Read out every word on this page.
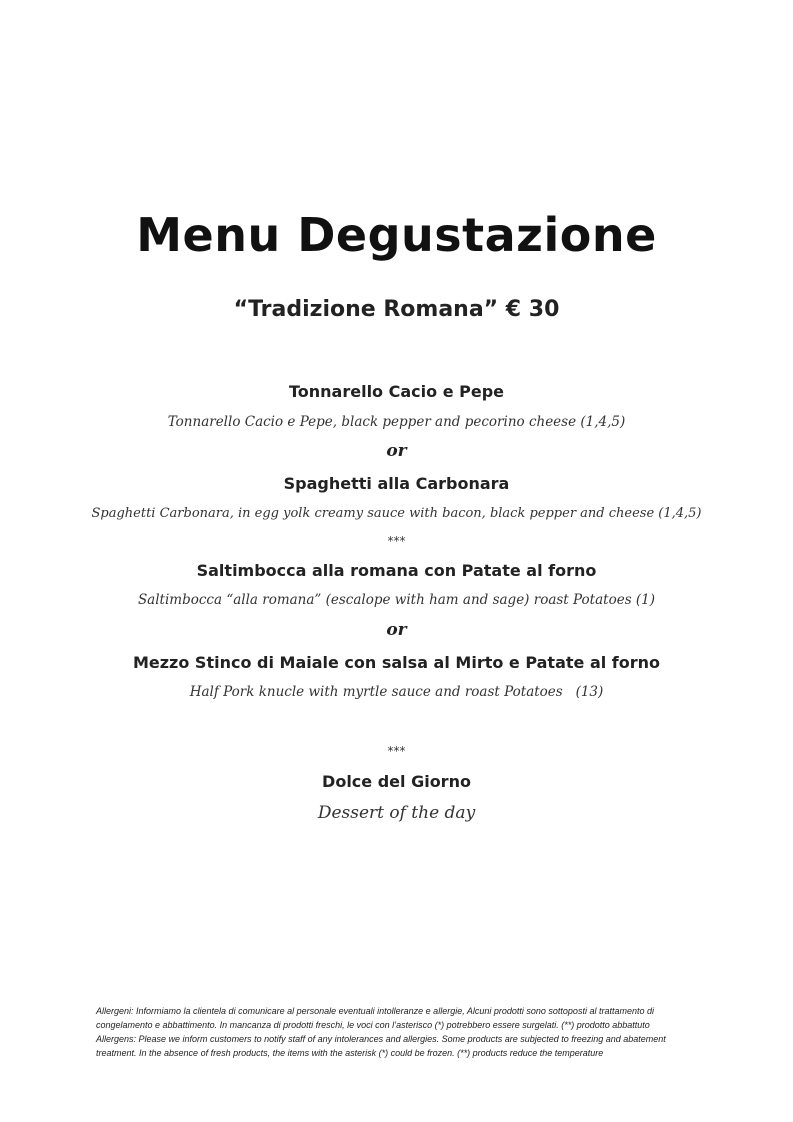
Menu Degustazione
“Tradizione Romana” € 30
Tonnarello Cacio e Pepe
Tonnarello Cacio e Pepe, black pepper and pecorino cheese (1,4,5)
or
Spaghetti alla Carbonara
Spaghetti Carbonara, in egg yolk creamy sauce with bacon, black pepper and cheese (1,4,5)
***
Saltimbocca alla romana con Patate al forno
Saltimbocca “alla romana” (escalope with ham and sage) roast Potatoes (1)
or
Mezzo Stinco di Maiale con salsa al Mirto e Patate al forno
Half Pork knucle with myrtle sauce and roast Potatoes   (13)
***
Dolce del Giorno
Dessert of the day
Allergeni: Informiamo la clientela di comunicare al personale eventuali intolleranze e allergie, Alcuni prodotti sono sottoposti al trattamento di
congelamento e abbattimento. In mancanza di prodotti freschi, le voci con l’asterisco (*) potrebbero essere surgelati. (**) prodotto abbattuto
Allergens: Please we inform customers to notify staff of any intolerances and allergies. Some products are subjected to freezing and abatement
treatment. In the absence of fresh products, the items with the asterisk (*) could be frozen. (**) products reduce the temperature
